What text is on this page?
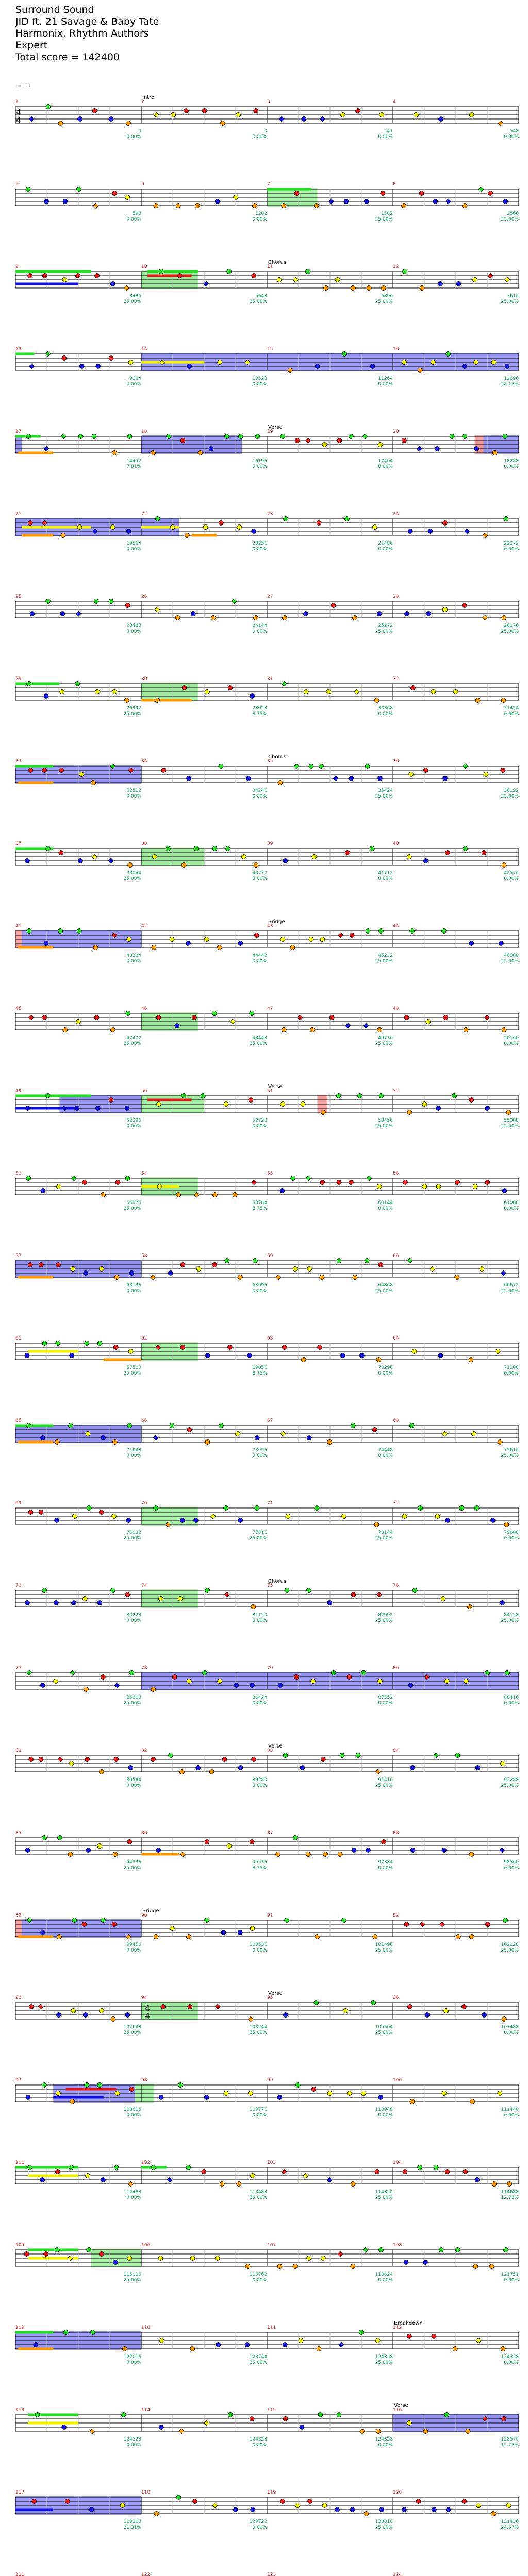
Surround Sound
JID ft. 21 Savage & Baby Tate
Harmonix, Rhythm Authors
Expert
Total score = 142400
♩=100
4
4
1	2	3	4
Intro
0
0.00%
0
0.00%
241
0.00%
548
0.00%
5	6	7	8
598
0.00%
1202
0.00%
1582
25.00%
2566
25.00%
9	10	11	12
Chorus
3486
25.00%
5648
25.00%
6896
25.00%
7616
25.00%
13	14	15	16
9364
0.00%
10528
0.00%
11264
0.00%
12696
28.13%
17	18	19	20
Verse
14452
7.81%
16196
0.00%
17404
0.00%
18288
0.00%
21	22	23	24
19564
0.00%
20256
0.00%
21486
0.00%
22272
0.00%
25	26	27	28
23488
0.00%
24144
0.00%
25272
25.00%
26176
25.00%
29	30	31	32
26992
25.00%
28028
8.75%
30368
0.00%
31424
0.00%
33	34	35	36
Chorus
32512
0.00%
34246
0.00%
35424
25.00%
36192
25.00%
37	38	39	40
38044
25.00%
40772
0.00%
41712
0.00%
42576
0.00%
41	42	43	44
Bridge
43384
0.00%
44440
0.00%
45232
25.00%
46880
25.00%
45	46	47	48
47472
25.00%
48448
25.00%
49736
25.00%
50160
0.00%
49	50	51	52
Verse
52296
0.00%
52728
0.00%
53456
25.00%
55088
25.00%
53	54	55	56
56976
25.00%
58784
8.75%
60144
0.00%
61088
0.00%
57	58	59	60
63136
0.00%
63696
0.00%
64868
25.00%
66672
25.00%
61	62	63	64
67520
25.00%
69056
8.75%
70296
0.00%
71108
0.00%
65	66	67	68
71648
0.00%
73056
0.00%
74448
0.00%
75616
25.00%
69	70	71	72
76032
25.00%
77816
25.00%
78144
25.00%
79688
0.00%
73	74	75	76
Chorus
80228
0.00%
81120
0.00%
82992
25.00%
84128
25.00%
77	78	79	80
85668
25.00%
86424
0.00%
87552
0.00%
88416
0.00%
81	82	83	84
Verse
89544
0.00%
89280
0.00%
91416
25.00%
92288
25.00%
85	86	87	88
94336
25.00%
95536
8.75%
97384
0.00%
98560
0.00%
89	90	91	92
Bridge
99456
0.00%
100536
0.00%
101496
25.00%
102128
25.00%
4
4
93	94	95	96
Verse
102648
25.00%
103244
25.00%
105504
25.00%
107488
0.00%
97	98	99	100
108616
0.00%
109776
0.00%
110048
0.00%
111440
0.00%
101	102	103	104
112488
0.00%
113488
25.00%
114352
25.00%
114688
12.73%
105	106	107	108
115036
25.00%
115760
0.00%
118624
0.00%
121751
0.00%
109	110	111	112
Breakdown
122016
0.00%
123744
25.00%
124328
25.00%
124328
0.00%
113	114	115	116
Verse
124328
0.00%
124328
0.00%
124328
0.00%
128576
12.73%
117	118	119	120
129168
21.31%
129720
0.00%
130816
25.00%
131436
24.57%
121	122	123	124
